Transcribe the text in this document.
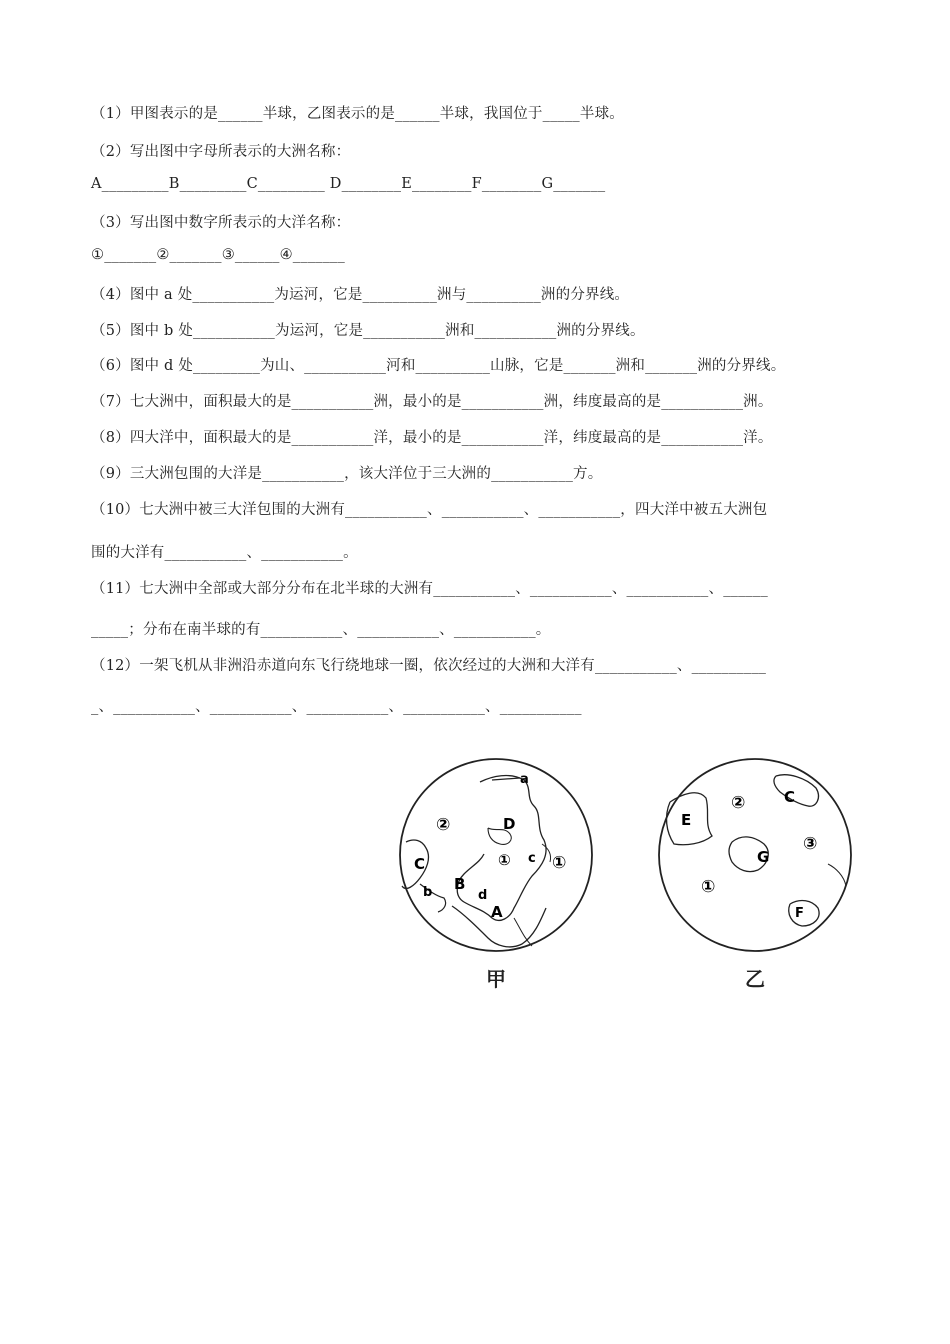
（1）甲图表示的是______半球，乙图表示的是______半球，我国位于_____半球。
（2）写出图中字母所表示的大洲名称：
A_________B_________C_________ D________E________F________G_______
（3）写出图中数字所表示的大洋名称：
①_______②_______③______④_______
（4）图中 a 处___________为运河，它是__________洲与__________洲的分界线。
（5）图中 b 处___________为运河，它是___________洲和___________洲的分界线。
（6）图中 d 处_________为山、___________河和__________山脉，它是_______洲和_______洲的分界线。
（7）七大洲中，面积最大的是___________洲，最小的是___________洲，纬度最高的是___________洲。
（8）四大洋中，面积最大的是___________洋，最小的是___________洋，纬度最高的是___________洋。
（9）三大洲包围的大洋是___________，该大洋位于三大洲的___________方。
（10）七大洲中被三大洋包围的大洲有___________、___________、___________，四大洋中被五大洲包
围的大洋有___________、___________。
（11）七大洲中全部或大部分分布在北半球的大洲有___________、___________、___________、______
_____；分布在南半球的有___________、___________、___________。
（12）一架飞机从非洲沿赤道向东飞行绕地球一圈，依次经过的大洲和大洋有___________、__________
_、___________、___________、___________、___________、___________
a
②	D
C	① c ①
b B
d
A
E
②	C
③
G
①
F
甲	乙
